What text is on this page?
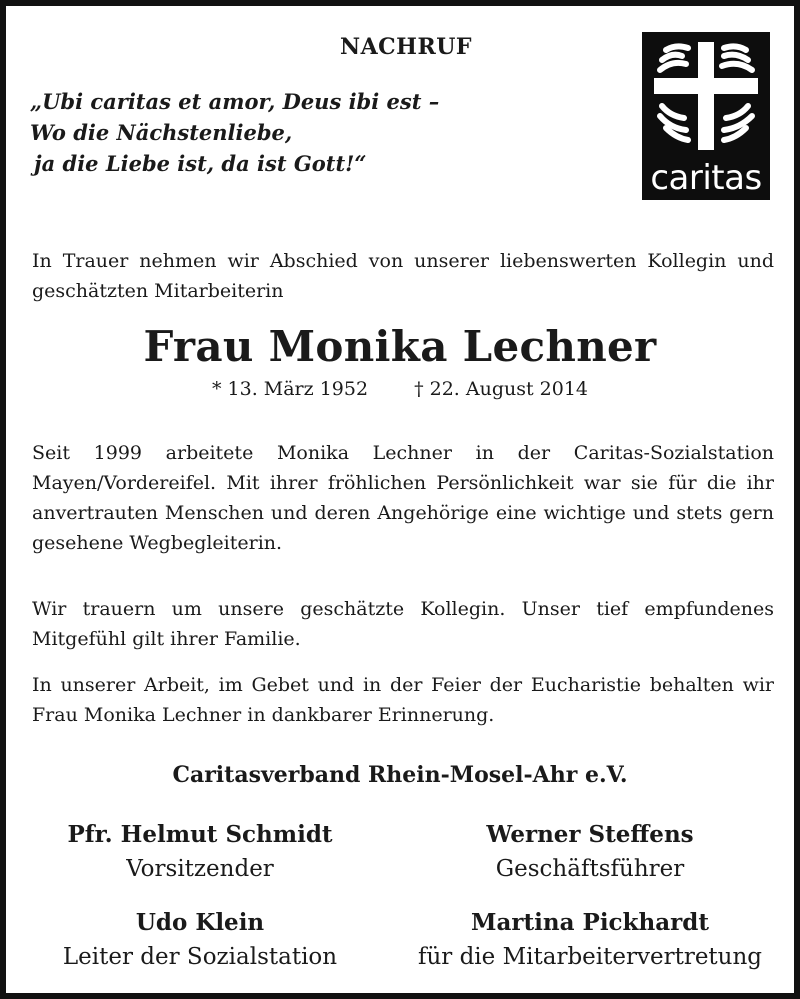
NACHRUF
„Ubi caritas et amor, Deus ibi est –
Wo die Nächstenliebe,
ja die Liebe ist, da ist Gott!“	caritas
In Trauer nehmen wir Abschied von unserer liebenswerten Kollegin und geschätzten Mitarbeiterin
Frau Monika Lechner
* 13. März 1952 † 22. August 2014
Seit 1999 arbeitete Monika Lechner in der Caritas-Sozialstation Mayen/Vordereifel. Mit ihrer fröhlichen Persönlichkeit war sie für die ihr anvertrauten Menschen und deren Angehörige eine wichtige und stets gern gesehene Wegbegleiterin.
Wir trauern um unsere geschätzte Kollegin. Unser tief empfundenes Mitgefühl gilt ihrer Familie.
In unserer Arbeit, im Gebet und in der Feier der Eucharistie behalten wir Frau Monika Lechner in dankbarer Erinnerung.
Caritasverband Rhein-Mosel-Ahr e.V.
Pfr. Helmut Schmidt
Vorsitzender
Werner Steffens
Geschäftsführer
Udo Klein
Leiter der Sozialstation
Martina Pickhardt
für die Mitarbeitervertretung
